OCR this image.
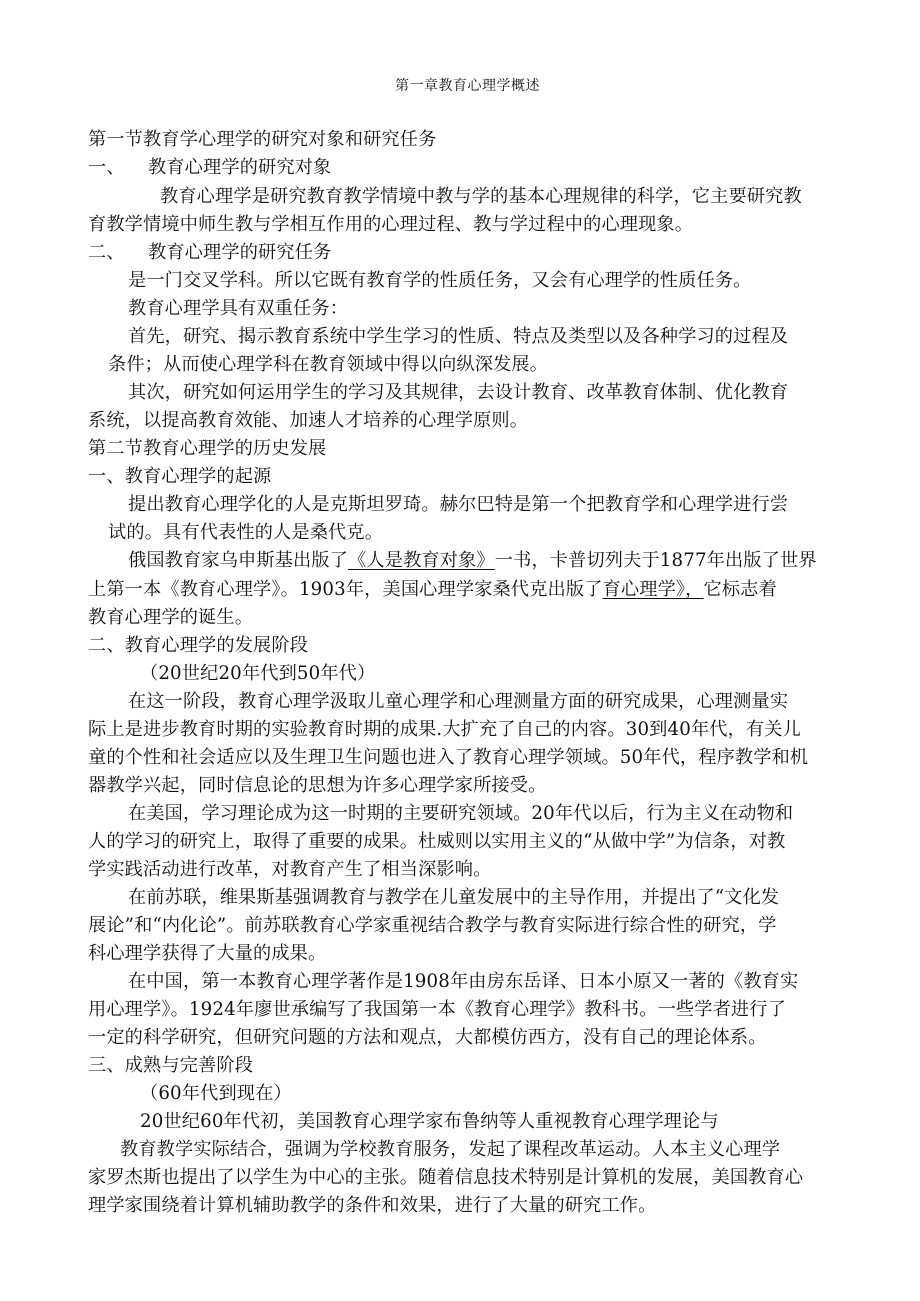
第一章教育心理学概述
第一节教育学心理学的研究对象和研究任务
一、 教育心理学的研究对象
教育心理学是研究教育教学情境中教与学的基本心理规律的科学，它主要研究教
育教学情境中师生教与学相互作用的心理过程、教与学过程中的心理现象。
二、 教育心理学的研究任务
是一门交叉学科。所以它既有教育学的性质任务，又会有心理学的性质任务。
教育心理学具有双重任务：
首先，研究、揭示教育系统中学生学习的性质、特点及类型以及各种学习的过程及
条件；从而使心理学科在教育领域中得以向纵深发展。
其次，研究如何运用学生的学习及其规律，去设计教育、改革教育体制、优化教育
系统，以提高教育效能、加速人才培养的心理学原则。
第二节教育心理学的历史发展
一、教育心理学的起源
提出教育心理学化的人是克斯坦罗琦。赫尔巴特是第一个把教育学和心理学进行尝
试的。具有代表性的人是桑代克。
俄国教育家乌申斯基出版了《人是教育对象》一书，卡普切列夫于1877年出版了世界
上第一本《教育心理学》。1903年，美国心理学家桑代克出版了育心理学》，它标志着
教育心理学的诞生。
二、教育心理学的发展阶段
（20世纪20年代到50年代）
在这一阶段，教育心理学汲取儿童心理学和心理测量方面的研究成果，心理测量实
际上是进步教育时期的实验教育时期的成果.大扩充了自己的内容。30到40年代，有关儿
童的个性和社会适应以及生理卫生问题也进入了教育心理学领域。50年代，程序教学和机
器教学兴起，同时信息论的思想为许多心理学家所接受。
在美国，学习理论成为这一时期的主要研究领域。20年代以后，行为主义在动物和
人的学习的研究上，取得了重要的成果。杜威则以实用主义的“从做中学”为信条，对教
学实践活动进行改革，对教育产生了相当深影响。
在前苏联，维果斯基强调教育与教学在儿童发展中的主导作用，并提出了“文化发
展论”和“内化论”。前苏联教育心学家重视结合教学与教育实际进行综合性的研究，学
科心理学获得了大量的成果。
在中国，第一本教育心理学著作是1908年由房东岳译、日本小原又一著的《教育实
用心理学》。1924年廖世承编写了我国第一本《教育心理学》教科书。一些学者进行了
一定的科学研究，但研究问题的方法和观点，大都模仿西方，没有自己的理论体系。
三、成熟与完善阶段
（60年代到现在）
20世纪60年代初，美国教育心理学家布鲁纳等人重视教育心理学理论与
教育教学实际结合，强调为学校教育服务，发起了课程改革运动。人本主义心理学
家罗杰斯也提出了以学生为中心的主张。随着信息技术特别是计算机的发展，美国教育心
理学家围绕着计算机辅助教学的条件和效果，进行了大量的研究工作。
